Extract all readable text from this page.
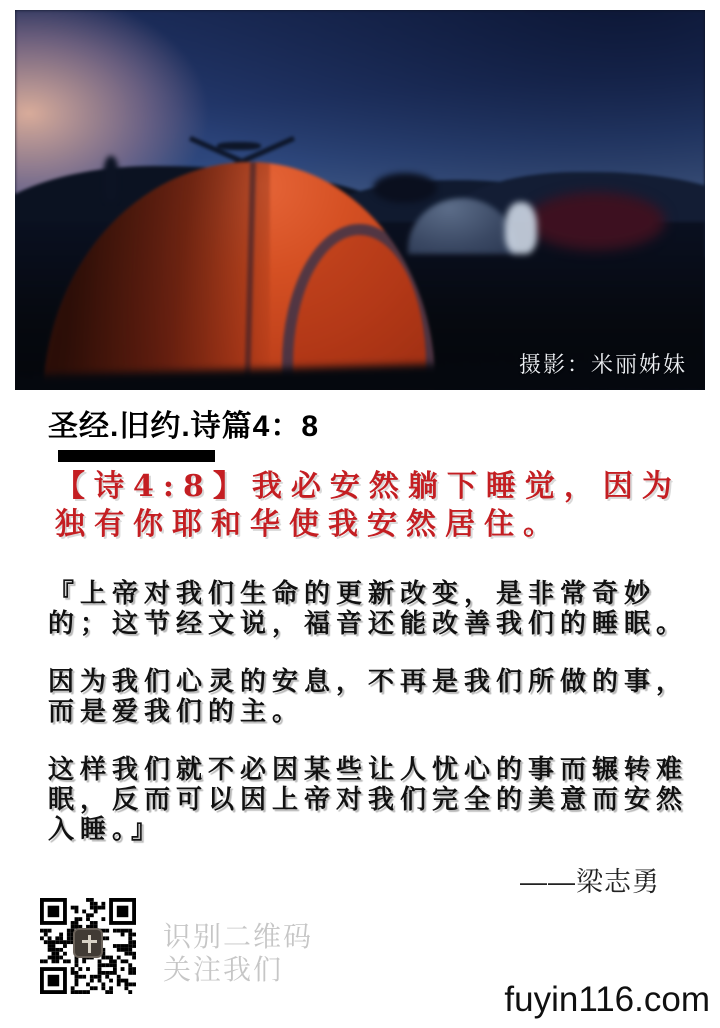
摄影：米丽姊妹
圣经.旧约.诗篇4：8
【诗4:8】我必安然躺下睡觉，因为独有你耶和华使我安然居住。

『上帝对我们生命的更新改变，是非常奇妙的；这节经文说，福音还能改善我们的睡眠。

因为我们心灵的安息，不再是我们所做的事，而是爱我们的主。

这样我们就不必因某些让人忧心的事而辗转难眠，反而可以因上帝对我们完全的美意而安然入睡。』

——梁志勇
识别二维码
关注我们
fuyin116.com
